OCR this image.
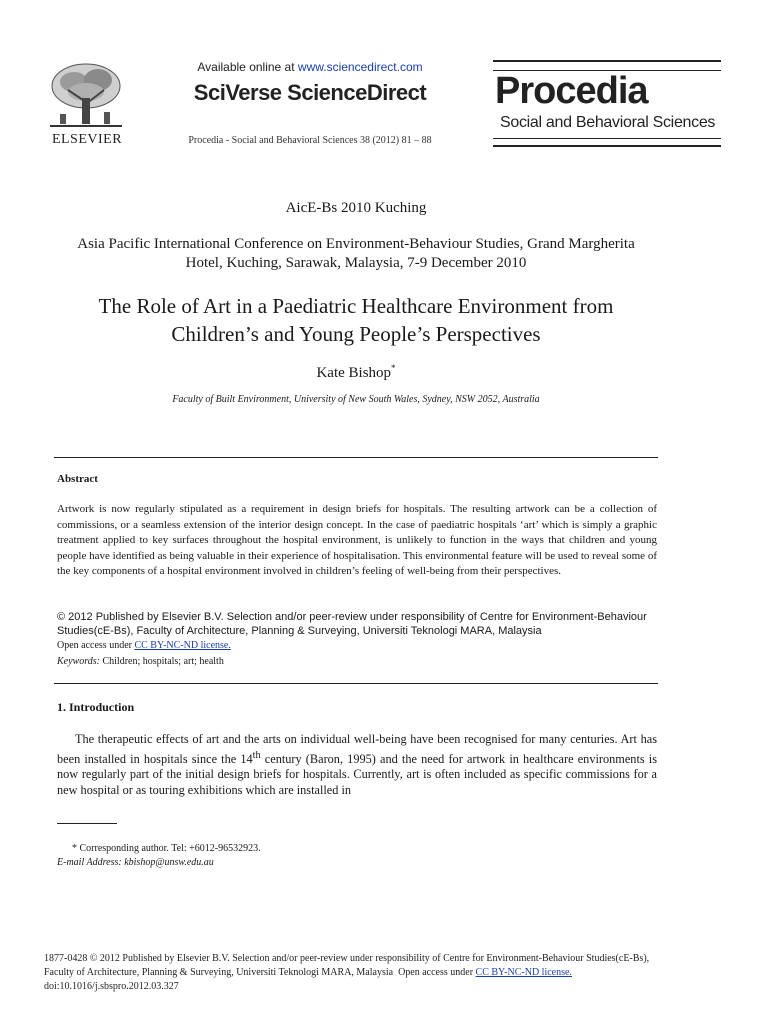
ELSEVIER
Available online at www.sciencedirect.com
SciVerse ScienceDirect
Procedia - Social and Behavioral Sciences 38 (2012) 81 – 88
Procedia
Social and Behavioral Sciences
AicE-Bs 2010 Kuching
Asia Pacific International Conference on Environment-Behaviour Studies, Grand Margherita Hotel, Kuching, Sarawak, Malaysia, 7-9 December 2010
The Role of Art in a Paediatric Healthcare Environment from
Children’s and Young People’s Perspectives
Kate Bishop*
Faculty of Built Environment, University of New South Wales, Sydney, NSW 2052, Australia
Abstract
Artwork is now regularly stipulated as a requirement in design briefs for hospitals. The resulting artwork can be a collection of commissions, or a seamless extension of the interior design concept. In the case of paediatric hospitals ‘art’ which is simply a graphic treatment applied to key surfaces throughout the hospital environment, is unlikely to function in the ways that children and young people have identified as being valuable in their experience of hospitalisation. This environmental feature will be used to reveal some of the key components of a hospital environment involved in children’s feeling of well-being from their perspectives.
© 2012 Published by Elsevier B.V. Selection and/or peer-review under responsibility of Centre for Environment-Behaviour Studies(cE-Bs), Faculty of Architecture, Planning & Surveying, Universiti Teknologi MARA, Malaysia
Open access under CC BY-NC-ND license.
Keywords: Children; hospitals; art; health
1. Introduction
The therapeutic effects of art and the arts on individual well-being have been recognised for many centuries. Art has been installed in hospitals since the 14th century (Baron, 1995) and the need for artwork in healthcare environments is now regularly part of the initial design briefs for hospitals. Currently, art is often included as specific commissions for a new hospital or as touring exhibitions which are installed in
* Corresponding author. Tel: +6012-96532923.
E-mail Address: kbishop@unsw.edu.au
1877-0428 © 2012 Published by Elsevier B.V. Selection and/or peer-review under responsibility of Centre for Environment-Behaviour Studies(cE-Bs),
Faculty of Architecture, Planning & Surveying, Universiti Teknologi MARA, Malaysia Open access under CC BY-NC-ND license.
doi:10.1016/j.sbspro.2012.03.327
